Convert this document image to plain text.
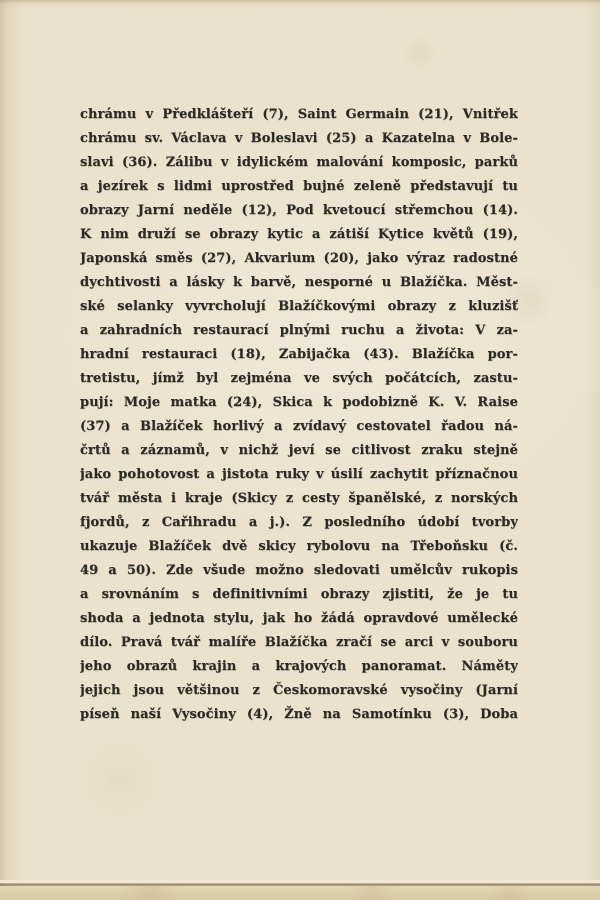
chrámu v Předklášteří (7), Saint Germain (21), Vnitřek
chrámu sv. Václava v Boleslavi (25) a Kazatelna v Bole-
slavi (36). Zálibu v idylickém malování komposic, parků
a jezírek s lidmi uprostřed bujné zeleně představují tu
obrazy Jarní neděle (12), Pod kvetoucí střemchou (14).
K nim druží se obrazy kytic a zátiší Kytice květů (19),
Japonská směs (27), Akvarium (20), jako výraz radostné
dychtivosti a lásky k barvě, nesporné u Blažíčka. Měst-
ské selanky vyvrcholují Blažíčkovými obrazy z kluzišť
a zahradních restaurací plnými ruchu a života: V za-
hradní restauraci (18), Zabijačka (43). Blažíčka por-
tretistu, jímž byl zejména ve svých počátcích, zastu-
pují: Moje matka (24), Skica k podobizně K. V. Raise
(37) a Blažíček horlivý a zvídavý cestovatel řadou ná-
črtů a záznamů, v nichž jeví se citlivost zraku stejně
jako pohotovost a jistota ruky v úsilí zachytit příznačnou
tvář města i kraje (Skicy z cesty španělské, z norských
fjordů, z Cařihradu a j.). Z posledního údobí tvorby
ukazuje Blažíček dvě skicy rybolovu na Třeboňsku (č.
49 a 50). Zde všude možno sledovati umělcův rukopis
a srovnáním s definitivními obrazy zjistiti, že je tu
shoda a jednota stylu, jak ho žádá opravdové umělecké
dílo. Pravá tvář malíře Blažíčka zračí se arci v souboru
jeho obrazů krajin a krajových panoramat. Náměty
jejich jsou většinou z Českomoravské vysočiny (Jarní
píseň naší Vysočiny (4), Žně na Samotínku (3), Doba
